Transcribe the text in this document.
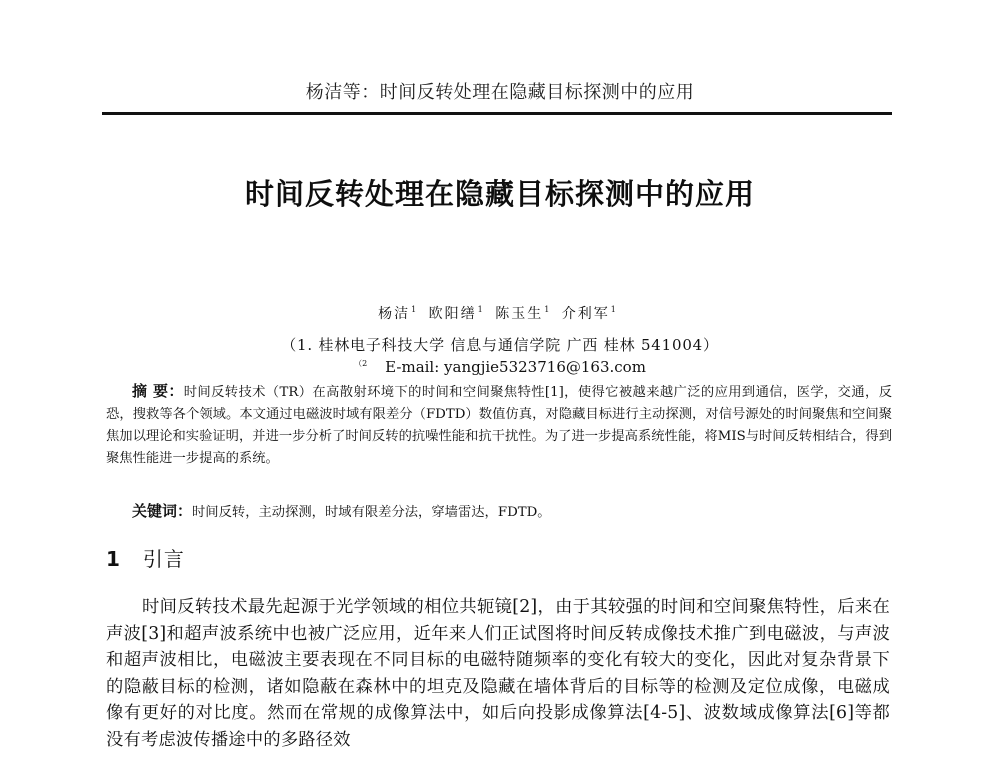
杨洁等：时间反转处理在隐藏目标探测中的应用
时间反转处理在隐藏目标探测中的应用
杨洁$^1$ 欧阳缮$^1$ 陈玉生$^1$ 介利军$^1$
（1. 桂林电子科技大学 信息与通信学院 广西 桂林 541004）
$^{(2}$ E-mail: yangjie5323716@163.com
摘 要：时间反转技术（TR）在高散射环境下的时间和空间聚焦特性[1]，使得它被越来越广泛的应用到通信，医学，交通，反恐，搜救等各个领域。本文通过电磁波时域有限差分（FDTD）数值仿真，对隐藏目标进行主动探测，对信号源处的时间聚焦和空间聚焦加以理论和实验证明，并进一步分析了时间反转的抗噪性能和抗干扰性。为了进一步提高系统性能，将MIS与时间反转相结合，得到聚焦性能进一步提高的系统。
关键词：时间反转，主动探测，时域有限差分法，穿墙雷达，FDTD。
1 引言
时间反转技术最先起源于光学领域的相位共轭镜[2]，由于其较强的时间和空间聚焦特性，后来在声波[3]和超声波系统中也被广泛应用，近年来人们正试图将时间反转成像技术推广到电磁波，与声波和超声波相比，电磁波主要表现在不同目标的电磁特随频率的变化有较大的变化，因此对复杂背景下的隐蔽目标的检测，诸如隐蔽在森林中的坦克及隐藏在墙体背后的目标等的检测及定位成像，电磁成像有更好的对比度。然而在常规的成像算法中，如后向投影成像算法[4-5]、波数域成像算法[6]等都没有考虑波传播途中的多路径效
